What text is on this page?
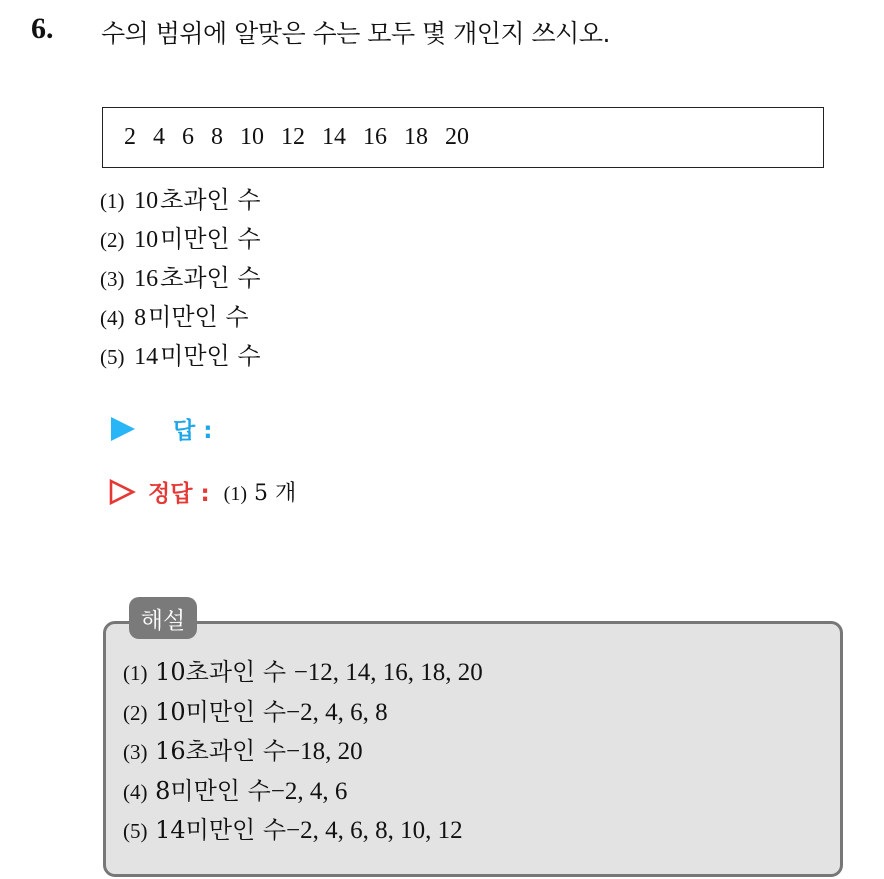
6. 수의 범위에 알맞은 수는 모두 몇 개인지 쓰시오.
2 4 6 8 10 12 14 16 18 20
(1) 10초과인 수
(2) 10미만인 수
(3) 16초과인 수
(4) 8미만인 수
(5) 14미만인 수
답 :
정답 : (1) 5 개
해설
(1) 10초과인 수 −12, 14, 16, 18, 20
(2) 10미만인 수−2, 4, 6, 8
(3) 16초과인 수−18, 20
(4) 8미만인 수−2, 4, 6
(5) 14미만인 수−2, 4, 6, 8, 10, 12
